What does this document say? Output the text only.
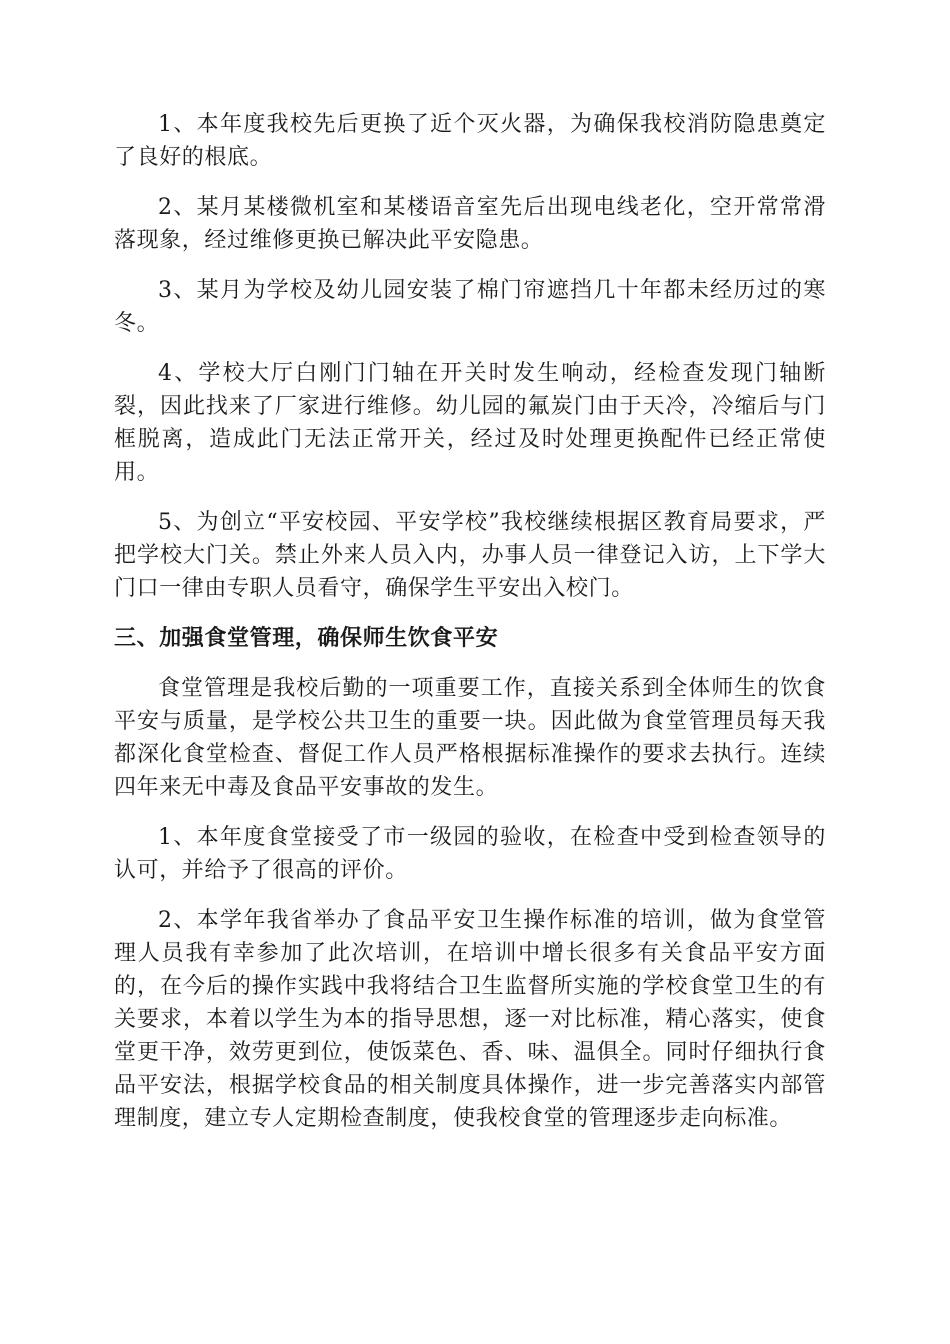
1、本年度我校先后更换了近个灭火器，为确保我校消防隐患奠定了良好的根底。

2、某月某楼微机室和某楼语音室先后出现电线老化，空开常常滑落现象，经过维修更换已解决此平安隐患。

3、某月为学校及幼儿园安装了棉门帘遮挡几十年都未经历过的寒冬。

4、学校大厅白刚门门轴在开关时发生响动，经检查发现门轴断裂，因此找来了厂家进行维修。幼儿园的氟炭门由于天冷，冷缩后与门框脱离，造成此门无法正常开关，经过及时处理更换配件已经正常使用。

5、为创立“平安校园、平安学校”我校继续根据区教育局要求，严把学校大门关。禁止外来人员入内，办事人员一律登记入访，上下学大门口一律由专职人员看守，确保学生平安出入校门。

三、加强食堂管理，确保师生饮食平安

食堂管理是我校后勤的一项重要工作，直接关系到全体师生的饮食平安与质量，是学校公共卫生的重要一块。因此做为食堂管理员每天我都深化食堂检查、督促工作人员严格根据标准操作的要求去执行。连续四年来无中毒及食品平安事故的发生。

1、本年度食堂接受了市一级园的验收，在检查中受到检查领导的认可，并给予了很高的评价。

2、本学年我省举办了食品平安卫生操作标准的培训，做为食堂管理人员我有幸参加了此次培训，在培训中增长很多有关食品平安方面的，在今后的操作实践中我将结合卫生监督所实施的学校食堂卫生的有关要求，本着以学生为本的指导思想，逐一对比标准，精心落实，使食堂更干净，效劳更到位，使饭菜色、香、味、温俱全。同时仔细执行食品平安法，根据学校食品的相关制度具体操作，进一步完善落实内部管理制度，建立专人定期检查制度，使我校食堂的管理逐步走向标准。
